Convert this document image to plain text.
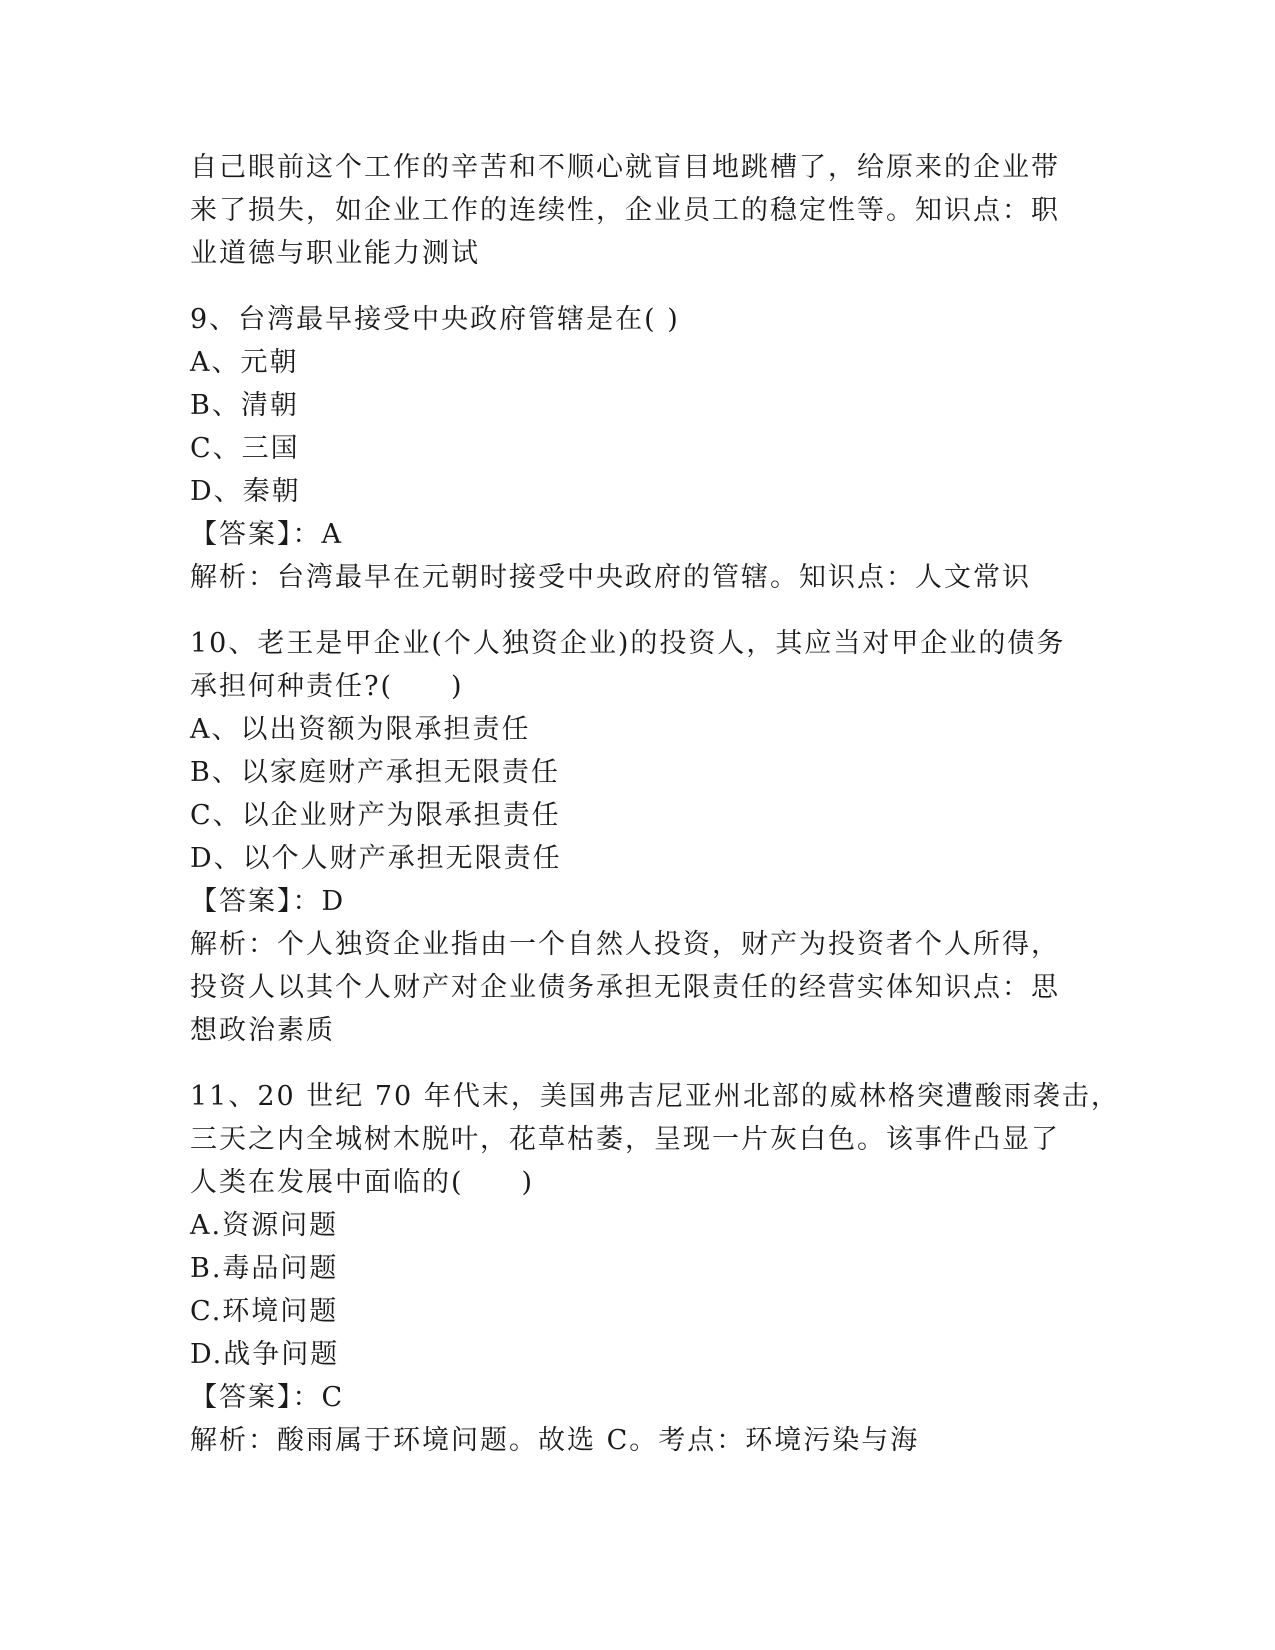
自己眼前这个工作的辛苦和不顺心就盲目地跳槽了，给原来的企业带
来了损失，如企业工作的连续性，企业员工的稳定性等。知识点：职
业道德与职业能力测试
9、台湾最早接受中央政府管辖是在( )
A、元朝
B、清朝
C、三国
D、秦朝
【答案】：A
解析：台湾最早在元朝时接受中央政府的管辖。知识点：人文常识
10、老王是甲企业(个人独资企业)的投资人，其应当对甲企业的债务
承担何种责任?(　　)
A、以出资额为限承担责任
B、以家庭财产承担无限责任
C、以企业财产为限承担责任
D、以个人财产承担无限责任
【答案】：D
解析：个人独资企业指由一个自然人投资，财产为投资者个人所得，
投资人以其个人财产对企业债务承担无限责任的经营实体知识点：思
想政治素质
11、20 世纪 70 年代末，美国弗吉尼亚州北部的威林格突遭酸雨袭击，
三天之内全城树木脱叶，花草枯萎，呈现一片灰白色。该事件凸显了
人类在发展中面临的(　　)
A.资源问题
B.毒品问题
C.环境问题
D.战争问题
【答案】：C
解析：酸雨属于环境问题。故选 C。考点：环境污染与海
